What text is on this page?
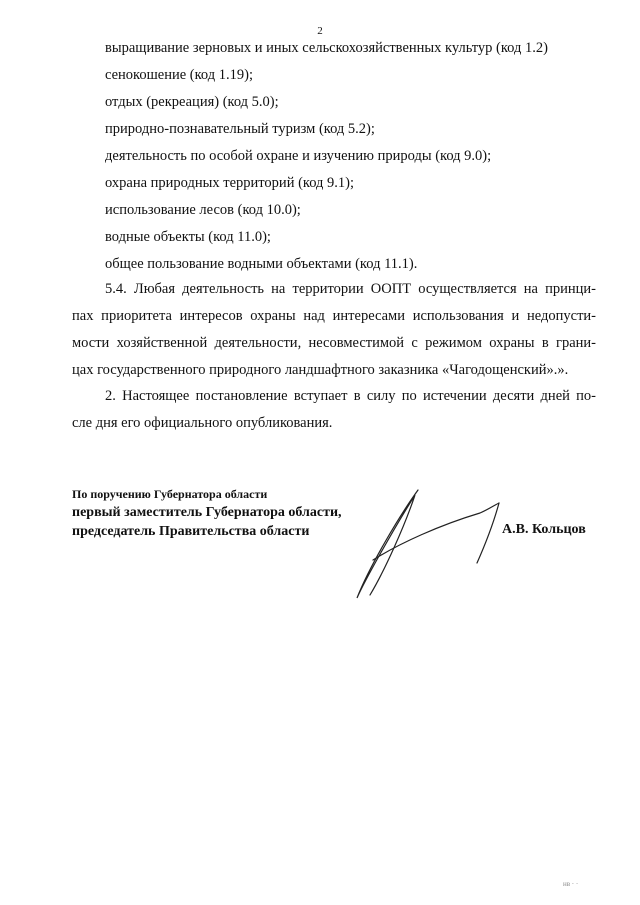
2
выращивание зерновых и иных сельскохозяйственных культур (код 1.2)
сенокошение (код 1.19);
отдых (рекреация) (код 5.0);
природно-познавательный туризм (код 5.2);
деятельность по особой охране и изучению природы (код 9.0);
охрана природных территорий (код 9.1);
использование лесов (код 10.0);
водные объекты (код 11.0);
общее пользование водными объектами (код 11.1).
5.4. Любая деятельность на территории ООПТ осуществляется на принци-
пах приоритета интересов охраны над интересами использования и недопусти-
мости хозяйственной деятельности, несовместимой с режимом охраны в грани-
цах государственного природного ландшафтного заказника «Чагодощенский».».
2. Настоящее постановление вступает в силу по истечении десяти дней по-
сле дня его официального опубликования.
По поручению Губернатора области
первый заместитель Губернатора области,
председатель Правительства области	А.В. Кольцов
нв · ·
